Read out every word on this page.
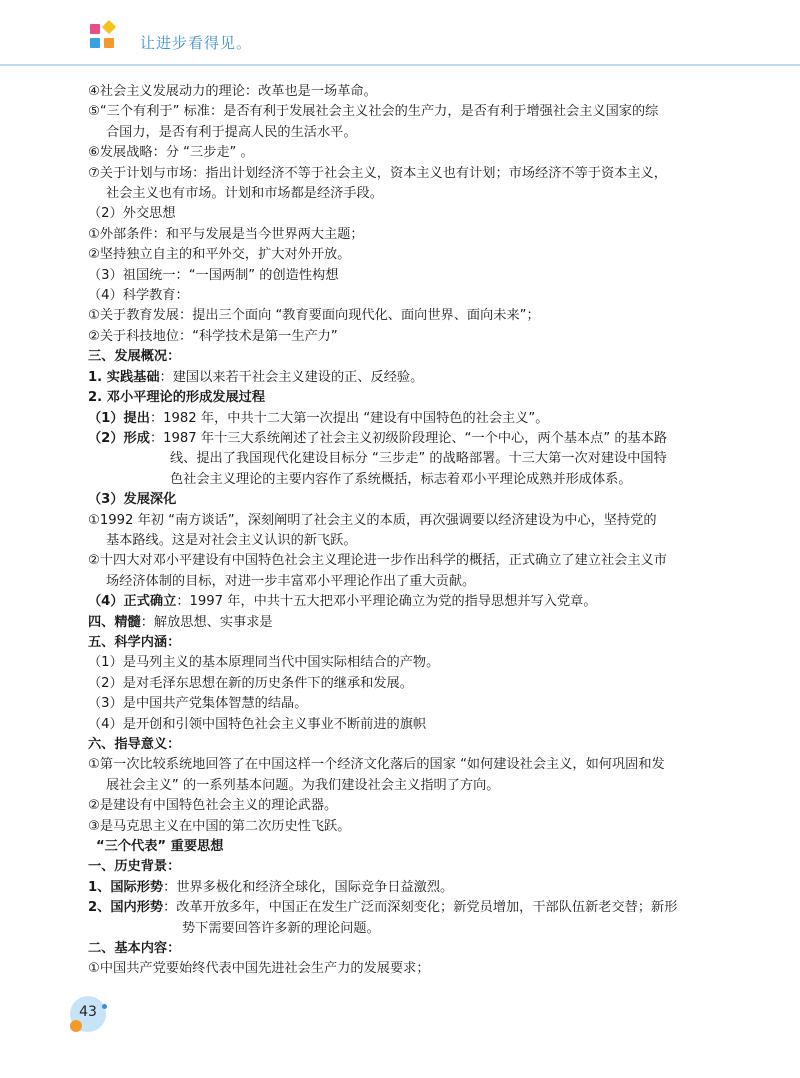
让进步看得见。

④社会主义发展动力的理论：改革也是一场革命。

⑤“三个有利于” 标准：是否有利于发展社会主义社会的生产力，是否有利于增强社会主义国家的综

合国力，是否有利于提高人民的生活水平。

⑥发展战略：分 “三步走” 。

⑦关于计划与市场：指出计划经济不等于社会主义，资本主义也有计划；市场经济不等于资本主义，

社会主义也有市场。计划和市场都是经济手段。

（2）外交思想

①外部条件：和平与发展是当今世界两大主题；

②坚持独立自主的和平外交，扩大对外开放。

（3）祖国统一：“一国两制” 的创造性构想

（4）科学教育：

①关于教育发展：提出三个面向 “教育要面向现代化、面向世界、面向未来”；

②关于科技地位：“科学技术是第一生产力”

三、发展概况：

1. 实践基础：建国以来若干社会主义建设的正、反经验。

2. 邓小平理论的形成发展过程

（1）提出：1982 年，中共十二大第一次提出 “建设有中国特色的社会主义”。

（2）形成：1987 年十三大系统阐述了社会主义初级阶段理论、“一个中心，两个基本点” 的基本路

线、提出了我国现代化建设目标分 “三步走” 的战略部署。十三大第一次对建设中国特

色社会主义理论的主要内容作了系统概括，标志着邓小平理论成熟并形成体系。

（3）发展深化

①1992 年初 “南方谈话”，深刻阐明了社会主义的本质，再次强调要以经济建设为中心，坚持党的

基本路线。这是对社会主义认识的新飞跃。

②十四大对邓小平建设有中国特色社会主义理论进一步作出科学的概括，正式确立了建立社会主义市

场经济体制的目标，对进一步丰富邓小平理论作出了重大贡献。

（4）正式确立：1997 年，中共十五大把邓小平理论确立为党的指导思想并写入党章。

四、精髓：解放思想、实事求是

五、科学内涵：

（1）是马列主义的基本原理同当代中国实际相结合的产物。

（2）是对毛泽东思想在新的历史条件下的继承和发展。

（3）是中国共产党集体智慧的结晶。

（4）是开创和引领中国特色社会主义事业不断前进的旗帜

六、指导意义：

①第一次比较系统地回答了在中国这样一个经济文化落后的国家 “如何建设社会主义，如何巩固和发

展社会主义” 的一系列基本问题。为我们建设社会主义指明了方向。

②是建设有中国特色社会主义的理论武器。

③是马克思主义在中国的第二次历史性飞跃。

“三个代表” 重要思想

一、历史背景：

1、国际形势：世界多极化和经济全球化，国际竞争日益激烈。

2、国内形势：改革开放多年，中国正在发生广泛而深刻变化；新党员增加，干部队伍新老交替；新形

势下需要回答许多新的理论问题。

二、基本内容：

①中国共产党要始终代表中国先进社会生产力的发展要求；

43
